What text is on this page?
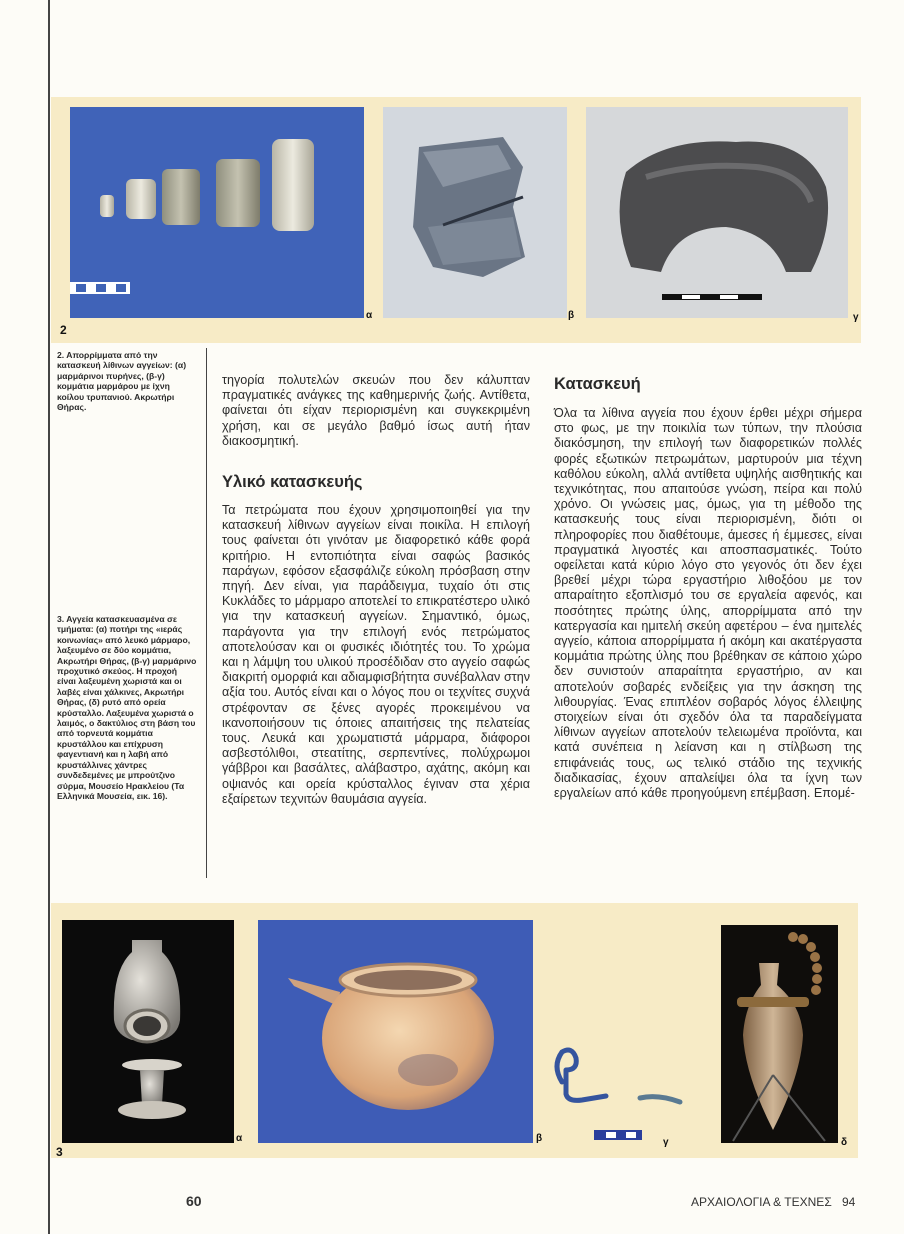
α
2
β	γ
2. Απορρίμματα από την κατασκευή λίθινων αγγείων: (α) μαρμάρινοι πυρήνες, (β-γ) κομμάτια μαρμάρου με ίχνη κοίλου τρυπανιού. Ακρωτήρι Θήρας.
3. Αγγεία κατασκευασμένα σε τμήματα: (α) ποτήρι της «ιεράς κοινωνίας» από λευκό μάρμαρο, λαξευμένο σε δύο κομμάτια, Ακρωτήρι Θήρας, (β-γ) μαρμάρινο προχυτικό σκεύος. Η προχοή είναι λαξευμένη χωριστά και οι λαβές είναι χάλκινες, Ακρωτήρι Θήρας, (δ) ρυτό από ορεία κρύσταλλο. Λαξευμένα χωριστά ο λαιμός, ο δακτύλιος στη βάση του από τορνευτά κομμάτια κρυστάλλου και επίχρυση φαγεντιανή και η λαβή από κρυστάλλινες χάντρες συνδεδεμένες με μπρούτζινο σύρμα, Μουσείο Ηρακλείου (Τα Ελληνικά Μουσεία, εικ. 16).

τηγορία πολυτελών σκευών που δεν κάλυπταν πραγματικές ανάγκες της καθημερινής ζωής. Αντίθετα, φαίνεται ότι είχαν περιορισμένη και συγκεκριμένη χρήση, και σε μεγάλο βαθμό ίσως αυτή ήταν διακοσμητική.

Υλικό κατασκευής

Τα πετρώματα που έχουν χρησιμοποιηθεί για την κατασκευή λίθινων αγγείων είναι ποικίλα. Η επιλογή τους φαίνεται ότι γινόταν με διαφορετικό κάθε φορά κριτήριο. Η εντοπιότητα είναι σαφώς βασικός παράγων, εφόσον εξασφάλιζε εύκολη πρόσβαση στην πηγή. Δεν είναι, για παράδειγμα, τυχαίο ότι στις Κυκλάδες το μάρμαρο αποτελεί το επικρατέστερο υλικό για την κατασκευή αγγείων. Σημαντικό, όμως, παράγοντα για την επιλογή ενός πετρώματος αποτελούσαν και οι φυσικές ιδιότητές του. Το χρώμα και η λάμψη του υλικού προσέδιδαν στο αγγείο σαφώς διακριτή ομορφιά και αδιαμφισβήτητα συνέβαλλαν στην αξία του. Αυτός είναι και ο λόγος που οι τεχνίτες συχνά στρέφονταν σε ξένες αγορές προκειμένου να ικανοποιήσουν τις όποιες απαιτήσεις της πελατείας τους. Λευκά και χρωματιστά μάρμαρα, διάφοροι ασβεστόλιθοι, στεατίτης, σερπεντίνες, πολύχρωμοι γάββροι και βασάλτες, αλάβαστρο, αχάτης, ακόμη και οψιανός και ορεία κρύσταλλος έγιναν στα χέρια εξαίρετων τεχνιτών θαυμάσια αγγεία.

Κατασκευή

Όλα τα λίθινα αγγεία που έχουν έρθει μέχρι σήμερα στο φως, με την ποικιλία των τύπων, την πλούσια διακόσμηση, την επιλογή των διαφορετικών πολλές φορές εξωτικών πετρωμάτων, μαρτυρούν μια τέχνη καθόλου εύκολη, αλλά αντίθετα υψηλής αισθητικής και τεχνικότητας, που απαιτούσε γνώση, πείρα και πολύ χρόνο. Οι γνώσεις μας, όμως, για τη μέθοδο της κατασκευής τους είναι περιορισμένη, διότι οι πληροφορίες που διαθέτουμε, άμεσες ή έμμεσες, είναι πραγματικά λιγοστές και αποσπασματικές. Τούτο οφείλεται κατά κύριο λόγο στο γεγονός ότι δεν έχει βρεθεί μέχρι τώρα εργαστήριο λιθοξόου με τον απαραίτητο εξοπλισμό του σε εργαλεία αφενός, και ποσότητες πρώτης ύλης, απορρίμματα από την κατεργασία και ημιτελή σκεύη αφετέρου – ένα ημιτελές αγγείο, κάποια απορρίμματα ή ακόμη και ακατέργαστα κομμάτια πρώτης ύλης που βρέθηκαν σε κάποιο χώρο δεν συνιστούν απαραίτητα εργαστήριο, αν και αποτελούν σοβαρές ενδείξεις για την άσκηση της λιθουργίας. Ένας επιπλέον σοβαρός λόγος έλλειψης στοιχείων είναι ότι σχεδόν όλα τα παραδείγματα λίθινων αγγείων αποτελούν τελειωμένα προϊόντα, και κατά συνέπεια η λείανση και η στίλβωση της επιφάνειάς τους, ως τελικό στάδιο της τεχνικής διαδικασίας, έχουν απαλείψει όλα τα ίχνη των εργαλείων από κάθε προηγούμενη επέμβαση. Επομέ-

α
3
β	γ	δ
60	ΑΡΧΑΙΟΛΟΓΙΑ & ΤΕΧΝΕΣ 94
